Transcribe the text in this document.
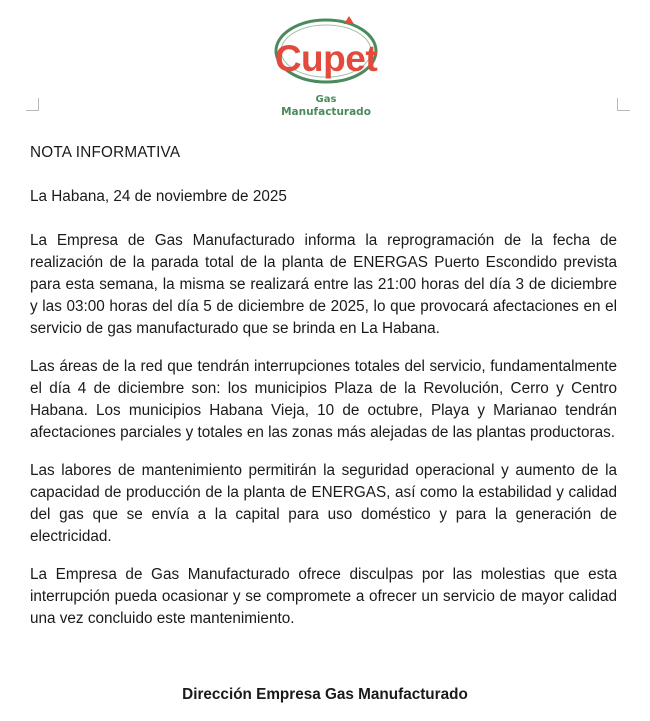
Cupet
Gas
Manufacturado

NOTA INFORMATIVA

La Habana, 24 de noviembre de 2025

La Empresa de Gas Manufacturado informa la reprogramación de la fecha de realización de la parada total de la planta de ENERGAS Puerto Escondido prevista para esta semana, la misma se realizará entre las 21:00 horas del día 3 de diciembre y las 03:00 horas del día 5 de diciembre de 2025, lo que provocará afectaciones en el servicio de gas manufacturado que se brinda en La Habana.

Las áreas de la red que tendrán interrupciones totales del servicio, fundamentalmente el día 4 de diciembre son: los municipios Plaza de la Revolución, Cerro y Centro Habana. Los municipios Habana Vieja, 10 de octubre, Playa y Marianao tendrán afectaciones parciales y totales en las zonas más alejadas de las plantas productoras.

Las labores de mantenimiento permitirán la seguridad operacional y aumento de la capacidad de producción de la planta de ENERGAS, así como la estabilidad y calidad del gas que se envía a la capital para uso doméstico y para la generación de electricidad.

La Empresa de Gas Manufacturado ofrece disculpas por las molestias que esta interrupción pueda ocasionar y se compromete a ofrecer un servicio de mayor calidad una vez concluido este mantenimiento.

Dirección Empresa Gas Manufacturado
